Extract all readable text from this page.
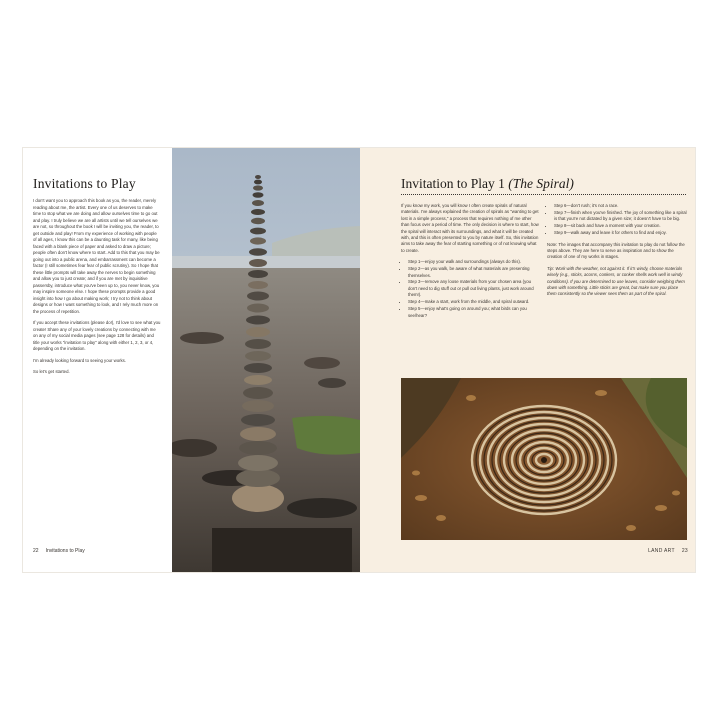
Invitations to Play

I don't want you to approach this book as you, the reader, merely reading about me, the artist. Every one of us deserves to make time to stop what we are doing and allow ourselves time to go out and play. I truly believe we are all artists until we tell ourselves we are not, so throughout the book I will be inviting you, the reader, to get outside and play! From my experience of working with people of all ages, I know this can be a daunting task for many, like being faced with a blank piece of paper and asked to draw a picture; people often don't know where to start. Add to this that you may be going out into a public arena, and embarrassment can become a factor (I still sometimes fear fear of public scrutiny). So I hope that these little prompts will take away the nerves to begin something and allow you to just create; and if you are met by inquisitive passersby, introduce what you've been up to, you never know, you may inspire someone else. I hope these prompts provide a good insight into how I go about making work; I try not to think about designs or how I want something to look, and I rely much more on the process of repetition.

If you accept these invitations (please do!), I'd love to see what you create! Share any of your lovely creations by connecting with me on any of my social media pages (see page 128 for details) and title your works "invitation to play" along with either 1, 2, 3, or 4, depending on the invitation.

I'm already looking forward to seeing your works.

So let's get started.

22 Invitations to Play
Invitation to Play 1 (The Spiral)

If you know my work, you will know I often create spirals of natural materials. I've always explained the creation of spirals as "wanting to get lost in a simple process," a process that requires nothing of me other than focus over a period of time. The only decision is where to start, how the spiral will interact with its surroundings, and what it will be created with, and this is often presented to you by nature itself. So, this invitation aims to take away the fear of starting something or of not knowing what to create.

• Step 1—enjoy your walk and surroundings (always do this).
• Step 2—as you walk, be aware of what materials are presenting themselves.
• Step 3—remove any loose materials from your chosen area (you don't need to dig stuff out or pull out living plants, just work around them!).
• Step 4—make a start, work from the middle, and spiral outward.
• Step 5—enjoy what's going on around you; what birds can you see/hear?
• Step 6—don't rush; it's not a race.
• Step 7—finish when you've finished. The joy of something like a spiral is that you're not dictated by a given size; it doesn't have to be big.
• Step 8—sit back and have a moment with your creation.
• Step 9—walk away and leave it for others to find and enjoy.

Note: The images that accompany this invitation to play do not follow the steps above. They are here to serve as inspiration and to show the creation of one of my works in stages.

Tip: Work with the weather, not against it. If it's windy, choose materials wisely (e.g., sticks, acorns, conkers, or conker shells work well in windy conditions). If you are determined to use leaves, consider weighing them down with something. Little sticks are great, but make sure you place them consistently so the viewer sees them as part of the spiral.

LAND ART 23
